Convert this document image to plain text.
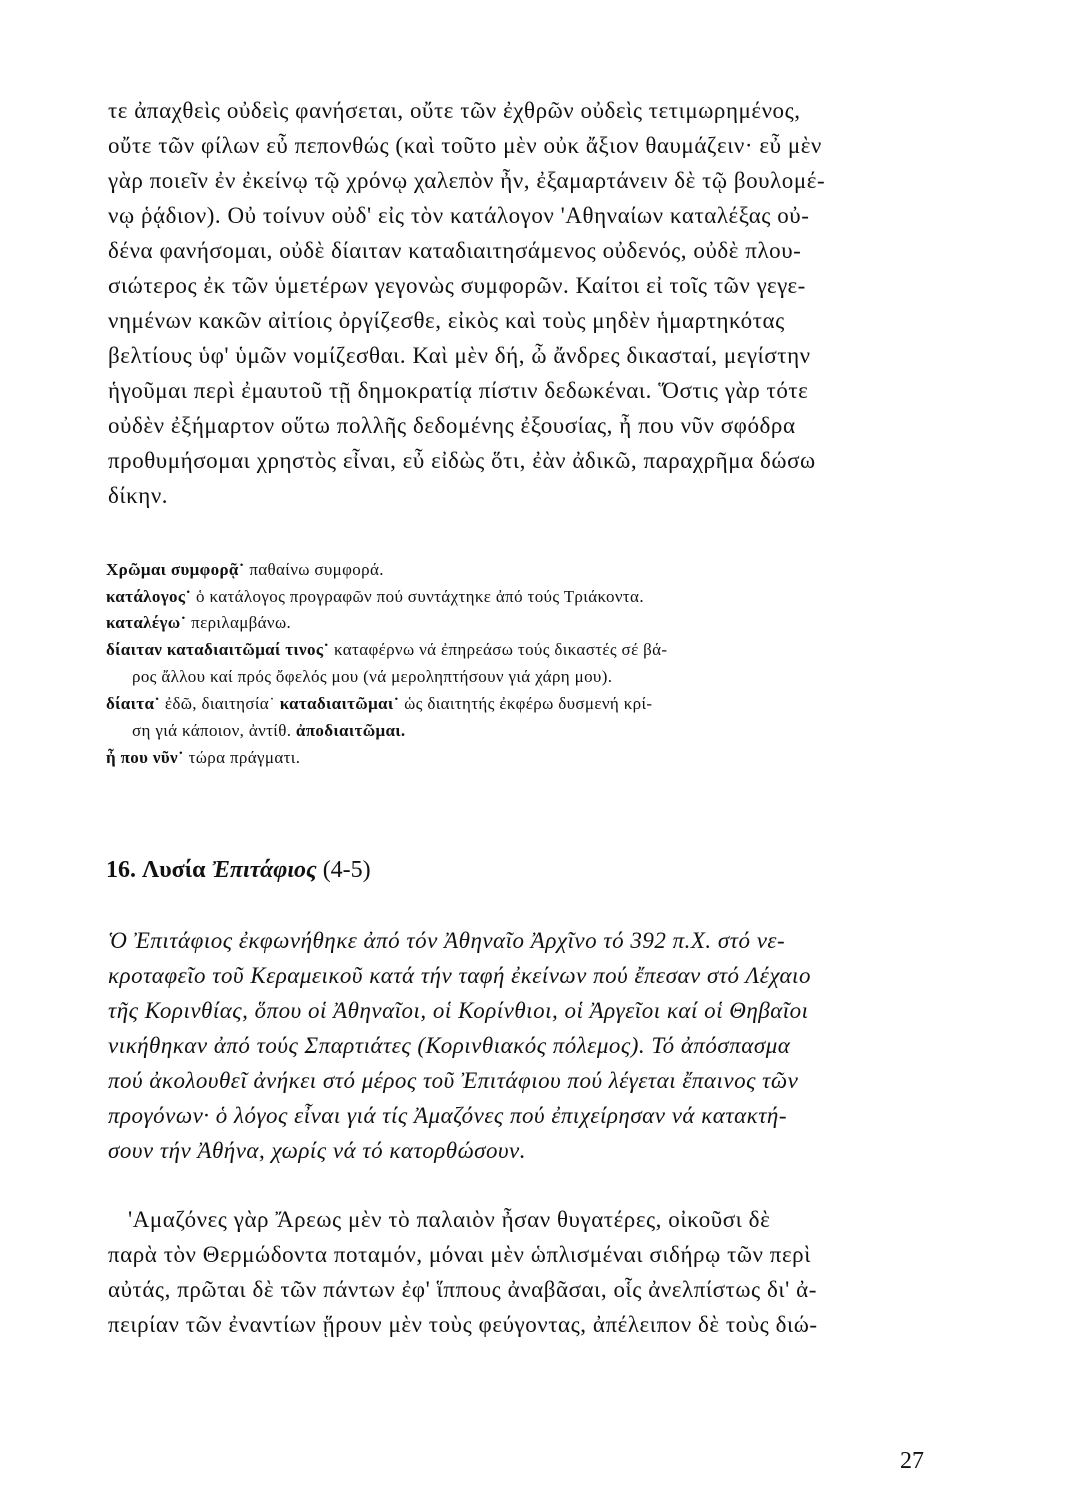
τε ἀπαχθεὶς οὐδεὶς φανήσεται, οὔτε τῶν ἐχθρῶν οὐδεὶς τετιμωρημένος,

οὔτε τῶν φίλων εὖ πεπονθώς (καὶ τοῦτο μὲν οὐκ ἄξιον θαυμάζειν· εὖ μὲν

γὰρ ποιεῖν ἐν ἐκείνῳ τῷ χρόνῳ χαλεπὸν ἦν, ἐξαμαρτάνειν δὲ τῷ βουλομέ-

νῳ ῥᾴδιον). Οὐ τοίνυν οὐδ' εἰς τὸν κατάλογον 'Αθηναίων καταλέξας οὐ-

δένα φανήσομαι, οὐδὲ δίαιταν καταδιαιτησάμενος οὐδενός, οὐδὲ πλου-

σιώτερος ἐκ τῶν ὑμετέρων γεγονὼς συμφορῶν. Καίτοι εἰ τοῖς τῶν γεγε-

νημένων κακῶν αἰτίοις ὀργίζεσθε, εἰκὸς καὶ τοὺς μηδὲν ἡμαρτηκότας

βελτίους ὑφ' ὑμῶν νομίζεσθαι. Καὶ μὲν δή, ὦ ἄνδρες δικασταί, μεγίστην

ἡγοῦμαι περὶ ἐμαυτοῦ τῇ δημοκρατίᾳ πίστιν δεδωκέναι. Ὅστις γὰρ τότε

οὐδὲν ἐξήμαρτον οὕτω πολλῆς δεδομένης ἐξουσίας, ἦ που νῦν σφόδρα

προθυμήσομαι χρηστὸς εἶναι, εὖ εἰδὼς ὅτι, ἐὰν ἀδικῶ, παραχρῆμα δώσω

δίκην.

Χρῶμαι συμφορᾷ˙ παθαίνω συμφορά.

κατάλογος˙ ὁ κατάλογος προγραφῶν πού συντάχτηκε ἀπό τούς Τριάκοντα.

καταλέγω˙ περιλαμβάνω.

δίαιταν καταδιαιτῶμαί τινος˙ καταφέρνω νά ἐπηρεάσω τούς δικαστές σέ βά-

ρος ἄλλου καί πρός ὄφελός μου (νά μεροληπτήσουν γιά χάρη μου).

δίαιτα˙ ἐδῶ, διαιτησία˙ καταδιαιτῶμαι˙ ὡς διαιτητής ἐκφέρω δυσμενή κρί-

ση γιά κάποιον, ἀντίθ. ἀποδιαιτῶμαι.

ἦ που νῦν˙ τώρα πράγματι.

16. Λυσία Ἐπιτάφιος (4-5)

Ὁ Ἐπιτάφιος ἐκφωνήθηκε ἀπό τόν Ἀθηναῖο Ἀρχῖνο τό 392 π.Χ. στό νε-

κροταφεῖο τοῦ Κεραμεικοῦ κατά τήν ταφή ἐκείνων πού ἔπεσαν στό Λέχαιο

τῆς Κορινθίας, ὅπου οἱ Ἀθηναῖοι, οἱ Κορίνθιοι, οἱ Ἀργεῖοι καί οἱ Θηβαῖοι

νικήθηκαν ἀπό τούς Σπαρτιάτες (Κορινθιακός πόλεμος). Τό ἀπόσπασμα

πού ἀκολουθεῖ ἀνήκει στό μέρος τοῦ Ἐπιτάφιου πού λέγεται ἔπαινος τῶν

προγόνων· ὁ λόγος εἶναι γιά τίς Ἀμαζόνες πού ἐπιχείρησαν νά κατακτή-

σουν τήν Ἀθήνα, χωρίς νά τό κατορθώσουν.

'Αμαζόνες γὰρ Ἄρεως μὲν τὸ παλαιὸν ἦσαν θυγατέρες, οἰκοῦσι δὲ

παρὰ τὸν Θερμώδοντα ποταμόν, μόναι μὲν ὡπλισμέναι σιδήρῳ τῶν περὶ

αὐτάς, πρῶται δὲ τῶν πάντων ἐφ' ἵππους ἀναβᾶσαι, οἷς ἀνελπίστως δι' ἀ-

πειρίαν τῶν ἐναντίων ᾕρουν μὲν τοὺς φεύγοντας, ἀπέλειπον δὲ τοὺς διώ-

27
